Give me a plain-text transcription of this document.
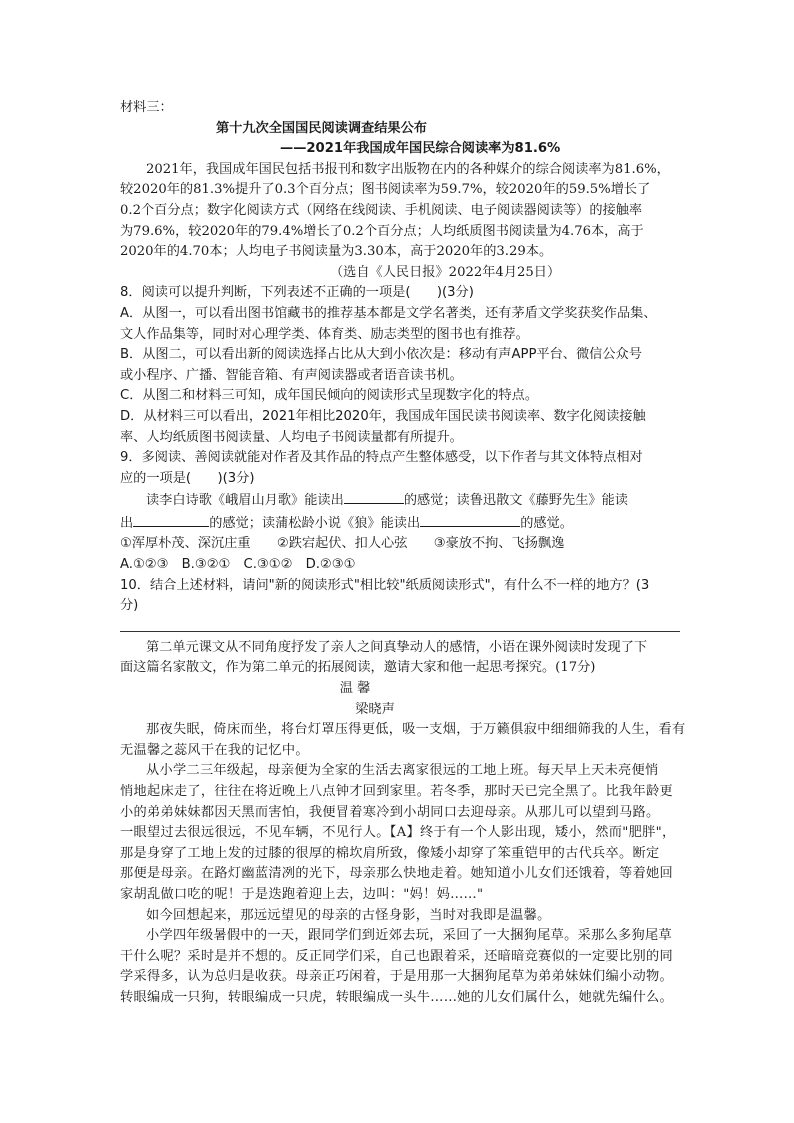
材料三：
第十九次全国国民阅读调查结果公布
——2021年我国成年国民综合阅读率为81.6%
2021年，我国成年国民包括书报刊和数字出版物在内的各种媒介的综合阅读率为81.6%，
较2020年的81.3%提升了0.3个百分点；图书阅读率为59.7%，较2020年的59.5%增长了
0.2个百分点；数字化阅读方式（网络在线阅读、手机阅读、电子阅读器阅读等）的接触率
为79.6%，较2020年的79.4%增长了0.2个百分点；人均纸质图书阅读量为4.76本，高于
2020年的4.70本；人均电子书阅读量为3.30本，高于2020年的3.29本。
（选自《人民日报》2022年4月25日）
8．阅读可以提升判断，下列表述不正确的一项是(　　)(3分)
A．从图一，可以看出图书馆藏书的推荐基本都是文学名著类，还有茅盾文学奖获奖作品集、
文人作品集等，同时对心理学类、体育类、励志类型的图书也有推荐。
B．从图二，可以看出新的阅读选择占比从大到小依次是：移动有声APP平台、微信公众号
或小程序、广播、智能音箱、有声阅读器或者语音读书机。
C．从图二和材料三可知，成年国民倾向的阅读形式呈现数字化的特点。
D．从材料三可以看出，2021年相比2020年，我国成年国民读书阅读率、数字化阅读接触
率、人均纸质图书阅读量、人均电子书阅读量都有所提升。
9．多阅读、善阅读就能对作者及其作品的特点产生整体感受，以下作者与其文体特点相对
应的一项是(　　)(3分)
读李白诗歌《峨眉山月歌》能读出	的感觉；读鲁迅散文《藤野先生》能读
出	的感觉；读蒲松龄小说《狼》能读出	的感觉。
①浑厚朴茂、深沉庄重　　②跌宕起伏、扣人心弦　　③豪放不拘、飞扬飘逸
A.①②③　B.③②①　C.③①②　D.②③①
10．结合上述材料，请问"新的阅读形式"相比较"纸质阅读形式"，有什么不一样的地方？(3
分)
第二单元课文从不同角度抒发了亲人之间真挚动人的感情，小语在课外阅读时发现了下
面这篇名家散文，作为第二单元的拓展阅读，邀请大家和他一起思考探究。(17分)
温 馨
梁晓声
那夜失眠，倚床而坐，将台灯罩压得更低，吸一支烟，于万籁俱寂中细细筛我的人生，看有
无温馨之蕊风干在我的记忆中。
从小学二三年级起，母亲便为全家的生活去离家很远的工地上班。每天早上天未亮便悄
悄地起床走了，往往在将近晚上八点钟才回到家里。若冬季，那时天已完全黑了。比我年龄更
小的弟弟妹妹都因天黑而害怕，我便冒着寒冷到小胡同口去迎母亲。从那儿可以望到马路。
一眼望过去很远很远，不见车辆，不见行人。【A】终于有一个人影出现，矮小，然而"肥胖"，
那是身穿了工地上发的过膝的很厚的棉坎肩所致，像矮小却穿了笨重铠甲的古代兵卒。断定
那便是母亲。在路灯幽蓝清冽的光下，母亲那么快地走着。她知道小儿女们还饿着，等着她回
家胡乱做口吃的呢！于是迭跑着迎上去，边叫："妈！妈……"
如今回想起来，那远远望见的母亲的古怪身影，当时对我即是温馨。
小学四年级暑假中的一天，跟同学们到近郊去玩，采回了一大捆狗尾草。采那么多狗尾草
干什么呢？采时是并不想的。反正同学们采，自己也跟着采，还暗暗竞赛似的一定要比别的同
学采得多，认为总归是收获。母亲正巧闲着，于是用那一大捆狗尾草为弟弟妹妹们编小动物。
转眼编成一只狗，转眼编成一只虎，转眼编成一头牛……她的儿女们属什么，她就先编什么。
